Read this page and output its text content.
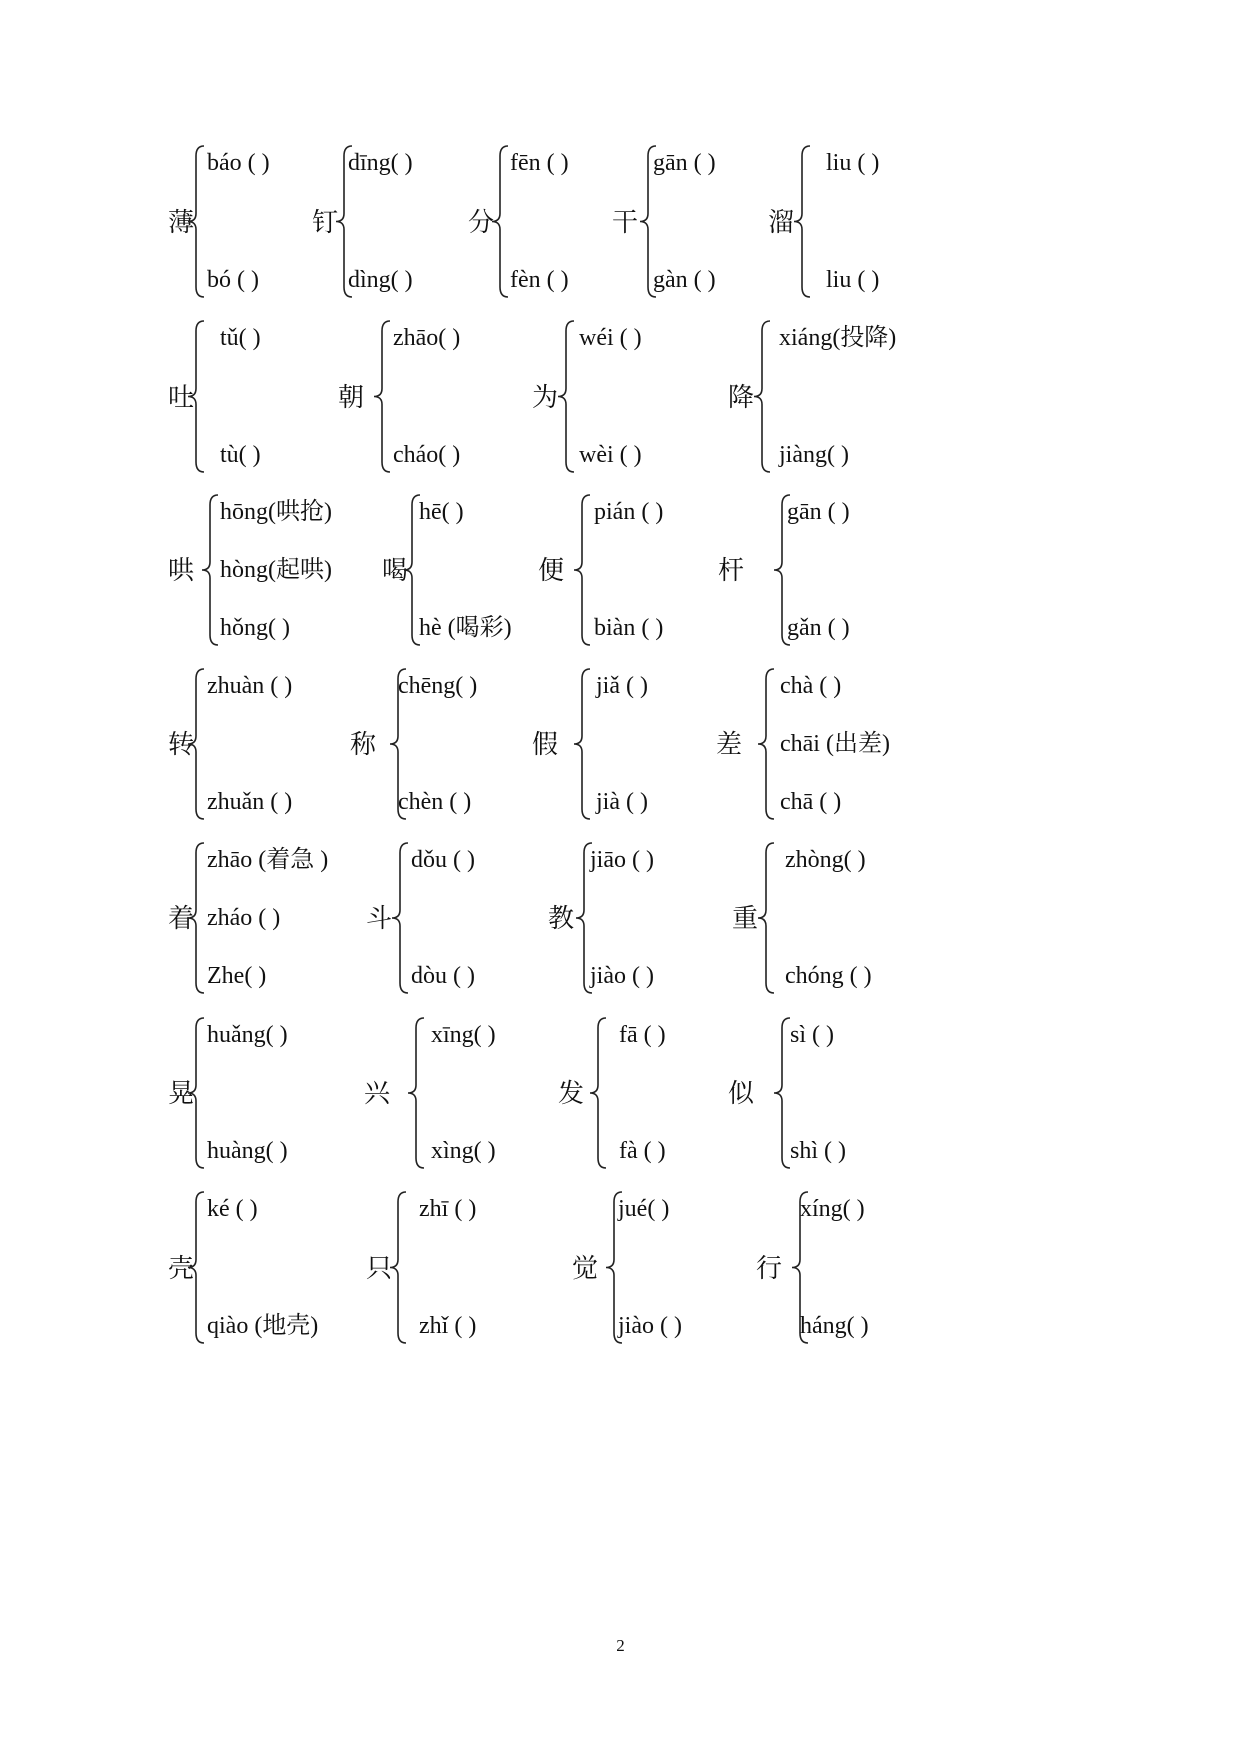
薄
báo ( )
bó ( )
钉
dīng( )
dìng( )
分
fēn ( )
fèn ( )
干
gān ( )
gàn ( )
溜
liu ( )
liu ( )
吐
tǔ( )
tù( )
朝
zhāo( )
cháo( )
为
wéi ( )
wèi ( )
降
xiáng(投降)
jiàng( )
哄
hōng(哄抢)
hòng(起哄)
hǒng( )
喝
hē( )
hè (喝彩)
便
pián ( )
biàn ( )
杆
gān ( )
gǎn ( )
转
zhuàn ( )
zhuǎn ( )
称
chēng( )
chèn ( )
假
jiǎ ( )
jià ( )
差
chà ( )
chāi (出差)
chā ( )
着
zhāo (着急 )
zháo ( )
Zhe( )
斗
dǒu ( )
dòu ( )
教
jiāo ( )
jiào ( )
重
zhòng( )
chóng ( )
晃
huǎng( )
huàng( )
兴
xīng( )
xìng( )
发
fā ( )
fà ( )
似
sì ( )
shì ( )
壳
ké ( )
qiào (地壳)
只
zhī ( )
zhǐ ( )
觉
jué( )
jiào ( )
行
xíng( )
háng( )
2
